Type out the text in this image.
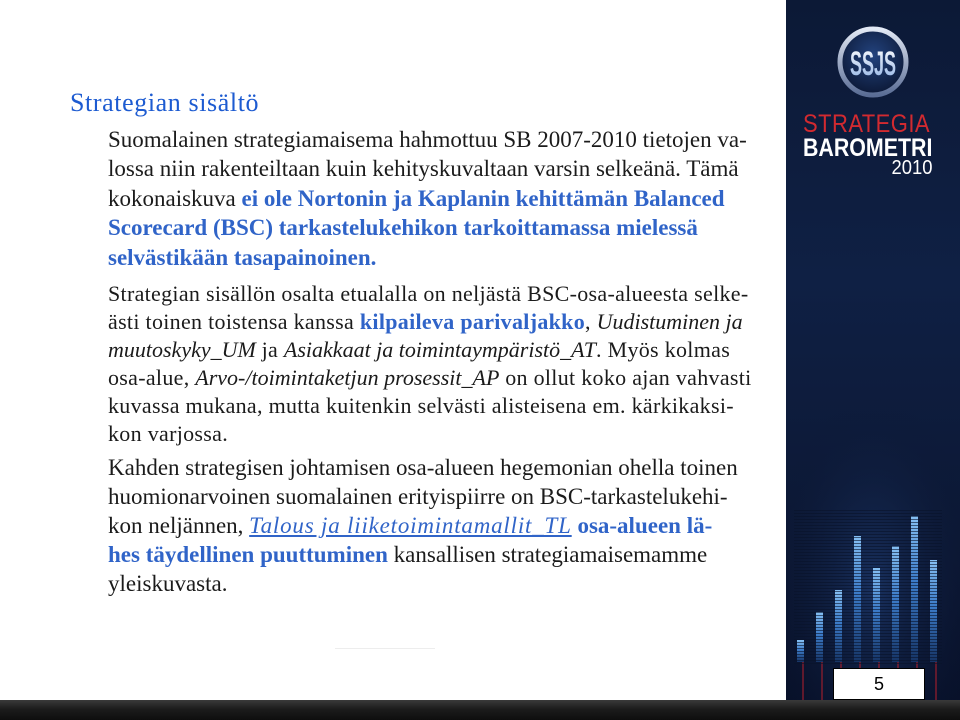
Strategian sisältö
Suomalainen strategiamaisema hahmottuu SB 2007-2010 tietojen va-
lossa niin rakenteiltaan kuin kehityskuvaltaan varsin selkeänä. Tämä
kokonaiskuva ei ole Nortonin ja Kaplanin kehittämän Balanced
Scorecard (BSC) tarkastelukehikon tarkoittamassa mielessä
selvästikään tasapainoinen.
Strategian sisällön osalta etualalla on neljästä BSC-osa-alueesta selke-
ästi toinen toistensa kanssa kilpaileva parivaljakko, Uudistuminen ja
muutoskyky_UM ja Asiakkaat ja toimintaympäristö_AT. Myös kolmas
osa-alue, Arvo-/toimintaketjun prosessit_AP on ollut koko ajan vahvasti
kuvassa mukana, mutta kuitenkin selvästi alisteisena em. kärkikaksi-
kon varjossa.
Kahden strategisen johtamisen osa-alueen hegemonian ohella toinen
huomionarvoinen suomalainen erityispiirre on BSC-tarkastelukehi-
kon neljännen, Talous ja liiketoimintamallit_TL osa-alueen lä-
hes täydellinen puuttuminen kansallisen strategiamaisemamme
yleiskuvasta.
SSJS
STRATEGIA
BAROMETRI
2010
5
